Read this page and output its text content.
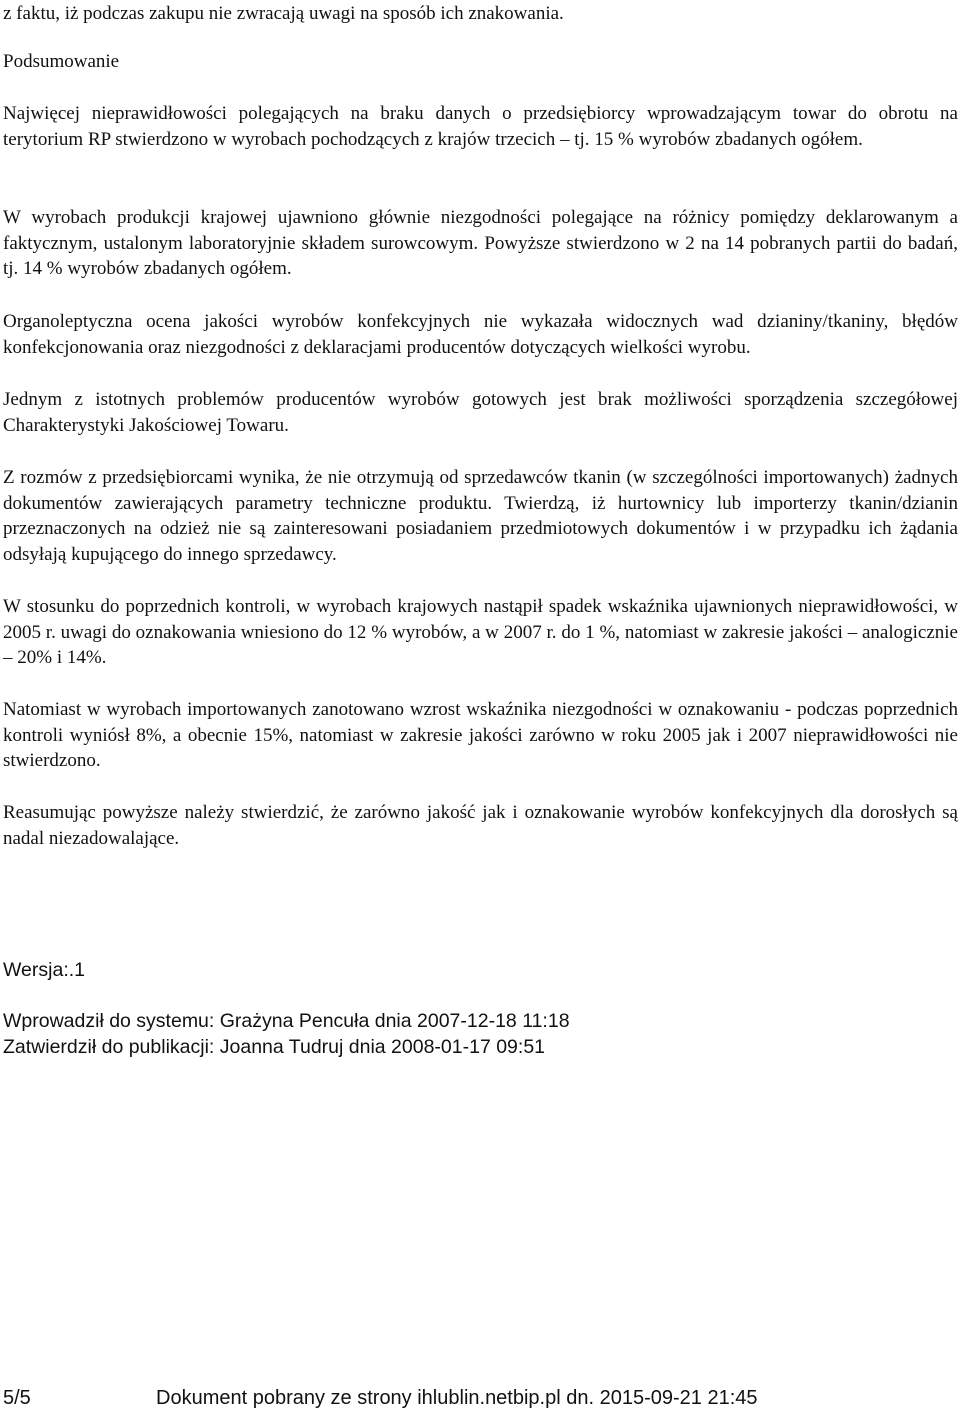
z faktu, iż podczas zakupu nie zwracają uwagi na sposób ich znakowania.

Podsumowanie

Najwięcej nieprawidłowości polegających na braku danych o przedsiębiorcy wprowadzającym towar do obrotu na terytorium RP stwierdzono w wyrobach pochodzących z krajów trzecich – tj. 15 % wyrobów zbadanych ogółem.

W wyrobach produkcji krajowej ujawniono głównie niezgodności polegające na różnicy pomiędzy deklarowanym a faktycznym, ustalonym laboratoryjnie składem surowcowym. Powyższe stwierdzono w 2 na 14 pobranych partii do badań, tj. 14 % wyrobów zbadanych ogółem.

Organoleptyczna ocena jakości wyrobów konfekcyjnych nie wykazała widocznych wad dzianiny/tkaniny, błędów konfekcjonowania oraz niezgodności z deklaracjami producentów dotyczących wielkości wyrobu.

Jednym z istotnych problemów producentów wyrobów gotowych jest brak możliwości sporządzenia szczegółowej Charakterystyki Jakościowej Towaru.

Z rozmów z przedsiębiorcami wynika, że nie otrzymują od sprzedawców tkanin (w szczególności importowanych) żadnych dokumentów zawierających parametry techniczne produktu. Twierdzą, iż hurtownicy lub importerzy tkanin/dzianin przeznaczonych na odzież nie są zainteresowani posiadaniem przedmiotowych dokumentów i w przypadku ich żądania odsyłają kupującego do innego sprzedawcy.

W stosunku do poprzednich kontroli, w wyrobach krajowych nastąpił spadek wskaźnika ujawnionych nieprawidłowości, w 2005 r. uwagi do oznakowania wniesiono do 12 % wyrobów, a w 2007 r. do 1 %, natomiast w zakresie jakości – analogicznie – 20% i 14%.

Natomiast w wyrobach importowanych zanotowano wzrost wskaźnika niezgodności w oznakowaniu - podczas poprzednich kontroli wyniósł 8%, a obecnie 15%, natomiast w zakresie jakości zarówno w roku 2005 jak i 2007 nieprawidłowości nie stwierdzono.

Reasumując powyższe należy stwierdzić, że zarówno jakość jak i oznakowanie wyrobów konfekcyjnych dla dorosłych są nadal niezadowalające.

Wersja:.1

Wprowadził do systemu: Grażyna Pencuła dnia 2007-12-18 11:18

Zatwierdził do publikacji: Joanna Tudruj dnia 2008-01-17 09:51

5/5	Dokument pobrany ze strony ihlublin.netbip.pl dn. 2015-09-21 21:45
